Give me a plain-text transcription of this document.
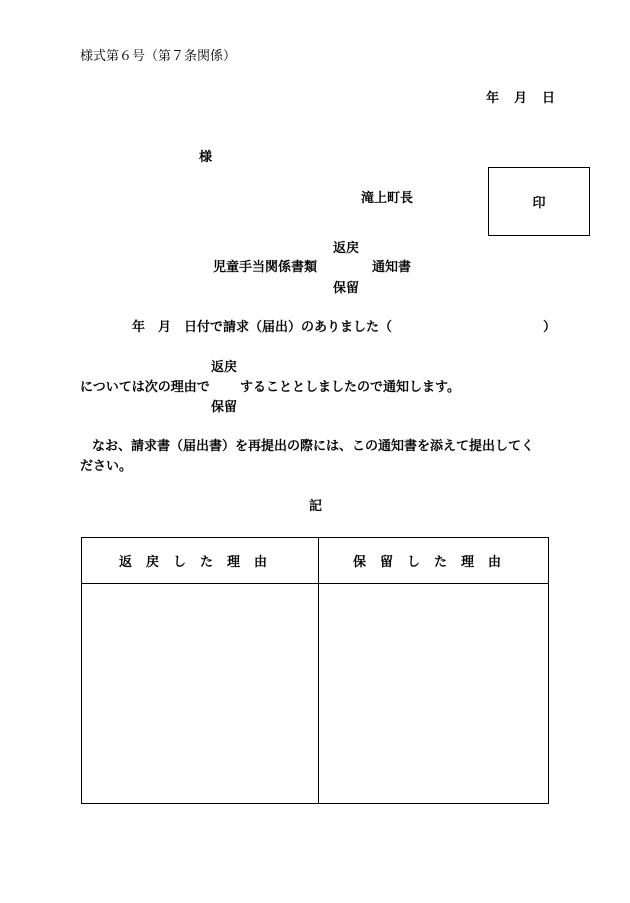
様式第６号（第７条関係）
年　月　日
様
滝上町長	印
返戻
児童手当関係書類	通知書
保留
年　月　日付で請求（届出）のありました（	）
返戻
については次の理由で することとしましたので通知します。
保留
なお、請求書（届出書）を再提出の際には、この通知書を添えて提出してく
ださい。
記
返戻した理由	保留した理由
